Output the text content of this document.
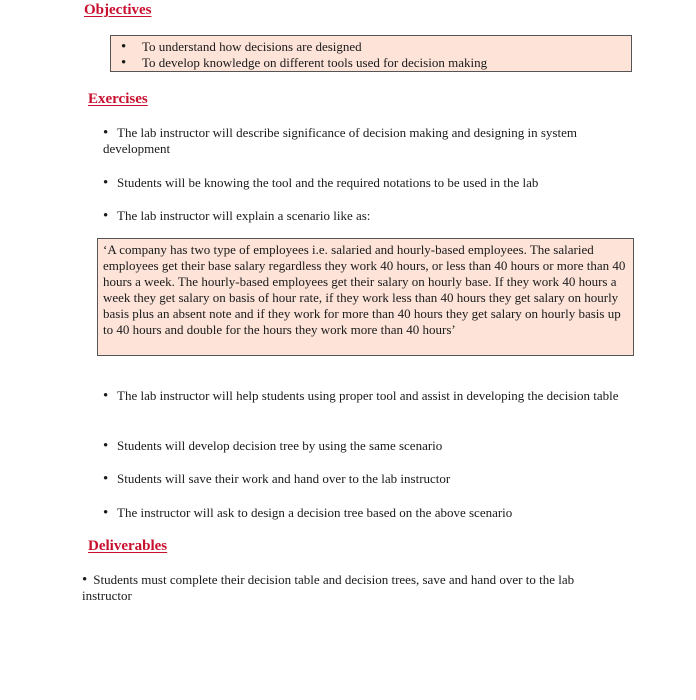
Objectives
• To understand how decisions are designed
• To develop knowledge on different tools used for decision making
Exercises

• The lab instructor will describe significance of decision making and designing in system development

• Students will be knowing the tool and the required notations to be used in the lab

• The lab instructor will explain a scenario like as:

‘A company has two type of employees i.e. salaried and hourly-based employees. The salaried employees get their base salary regardless they work 40 hours, or less than 40 hours or more than 40 hours a week. The hourly-based employees get their salary on hourly base. If they work 40 hours a week they get salary on basis of hour rate, if they work less than 40 hours they get salary on hourly basis plus an absent note and if they work for more than 40 hours they get salary on hourly basis up to 40 hours and double for the hours they work more than 40 hours’

• The lab instructor will help students using proper tool and assist in developing the decision table

• Students will develop decision tree by using the same scenario

• Students will save their work and hand over to the lab instructor

• The instructor will ask to design a decision tree based on the above scenario

Deliverables

• Students must complete their decision table and decision trees, save and hand over to the lab instructor
